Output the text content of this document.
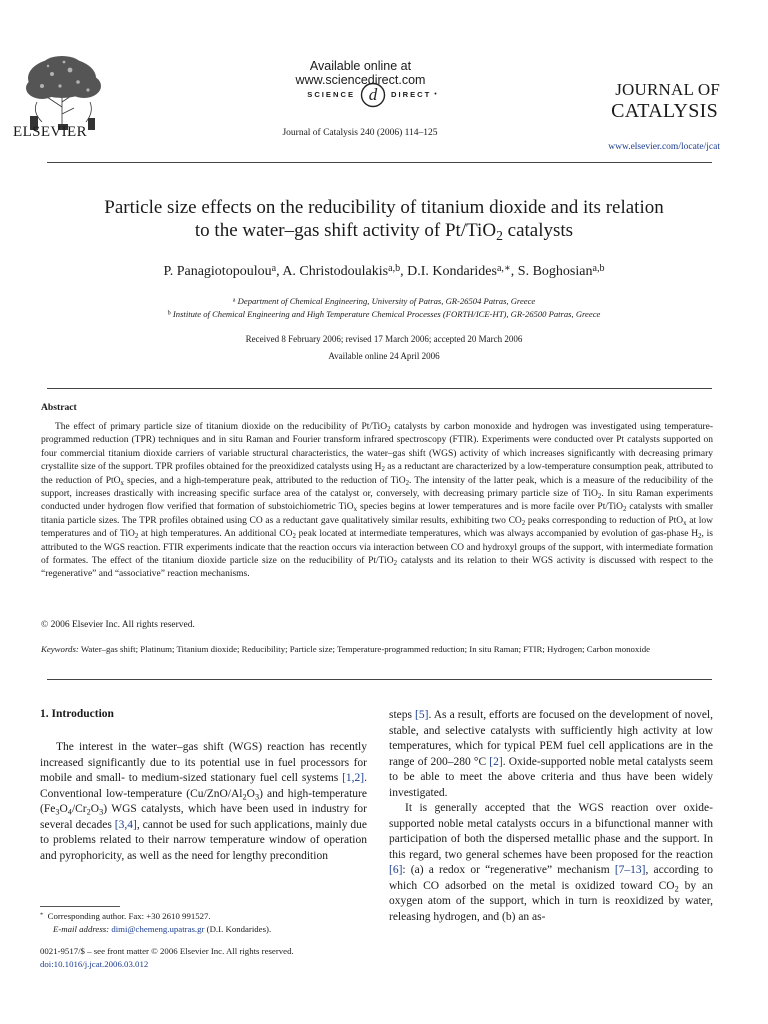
ELSEVIER
Available online at www.sciencedirect.com
SCIENCE d DIRECT •
Journal of Catalysis 240 (2006) 114–125
JOURNAL OF
CATALYSIS
www.elsevier.com/locate/jcat
Particle size effects on the reducibility of titanium dioxide and its relation
to the water–gas shift activity of Pt/TiO$_2$ catalysts
P. Panagiotopoulou$^a$, A. Christodoulakis$^{a,b}$, D.I. Kondarides$^{a,∗}$, S. Boghosian$^{a,b}$
$^a$ Department of Chemical Engineering, University of Patras, GR-26504 Patras, Greece
$^b$ Institute of Chemical Engineering and High Temperature Chemical Processes (FORTH/ICE-HT), GR-26500 Patras, Greece
Received 8 February 2006; revised 17 March 2006; accepted 20 March 2006
Available online 24 April 2006
Abstract

The effect of primary particle size of titanium dioxide on the reducibility of Pt/TiO$_2$ catalysts by carbon monoxide and hydrogen was investigated using temperature-programmed reduction (TPR) techniques and in situ Raman and Fourier transform infrared spectroscopy (FTIR). Experiments were conducted over Pt catalysts supported on four commercial titanium dioxide carriers of variable structural characteristics, the water–gas shift (WGS) activity of which increases significantly with decreasing primary crystallite size of the support. TPR profiles obtained for the preoxidized catalysts using $H_2$ as a reductant are characterized by a low-temperature consumption peak, attributed to the reduction of PtO$_x$ species, and a high-temperature peak, attributed to the reduction of TiO$_2$. The intensity of the latter peak, which is a measure of the reducibility of the support, increases drastically with increasing specific surface area of the catalyst or, conversely, with decreasing primary particle size of TiO$_2$. In situ Raman experiments conducted under hydrogen flow verified that formation of substoichiometric TiO$_x$ species begins at lower temperatures and is more facile over Pt/TiO$_2$ catalysts with smaller titania particle sizes. The TPR profiles obtained using CO as a reductant gave qualitatively similar results, exhibiting two $CO_2$ peaks corresponding to reduction of PtO$_x$ at low temperatures and of TiO$_2$ at high temperatures. An additional $CO_2$ peak located at intermediate temperatures, which was always accompanied by evolution of gas-phase $H_2$, is attributed to the WGS reaction. FTIR experiments indicate that the reaction occurs via interaction between CO and hydroxyl groups of the support, with intermediate formation of formates. The effect of the titanium dioxide particle size on the reducibility of Pt/TiO$_2$ catalysts and its relation to their WGS activity is discussed with respect to the “regenerative” and “associative” reaction mechanisms.

© 2006 Elsevier Inc. All rights reserved.
Keywords: Water–gas shift; Platinum; Titanium dioxide; Reducibility; Particle size; Temperature-programmed reduction; In situ Raman; FTIR; Hydrogen; Carbon monoxide
1. Introduction

The interest in the water–gas shift (WGS) reaction has recently increased significantly due to its potential use in fuel processors for mobile and small- to medium-sized stationary fuel cell systems [1,2]. Conventional low-temperature $(Cu/ZnO/Al_2O_3)$ and high-temperature $(Fe_3O_4/Cr_2O_3)$ WGS catalysts, which have been used in industry for several decades [3,4], cannot be used for such applications, mainly due to problems related to their narrow temperature window of operation and pyrophoricity, as well as the need for lengthy precondition

steps [5]. As a result, efforts are focused on the development of novel, stable, and selective catalysts with sufficiently high activity at low temperatures, which for typical PEM fuel cell applications are in the range of 200–280 °C [2]. Oxide-supported noble metal catalysts seem to be able to meet the above criteria and thus have been widely investigated.

It is generally accepted that the WGS reaction over oxide-supported noble metal catalysts occurs in a bifunctional manner with participation of both the dispersed metallic phase and the support. In this regard, two general schemes have been proposed for the reaction [6]: (a) a redox or “regenerative” mechanism [7–13], according to which CO adsorbed on the metal is oxidized toward $CO_2$ by an oxygen atom of the support, which in turn is reoxidized by water, releasing hydrogen, and (b) an as-

* Corresponding author. Fax: +30 2610 991527.
E-mail address: dimi@chemeng.upatras.gr (D.I. Kondarides).
0021-9517/$ – see front matter © 2006 Elsevier Inc. All rights reserved.
doi:10.1016/j.jcat.2006.03.012
